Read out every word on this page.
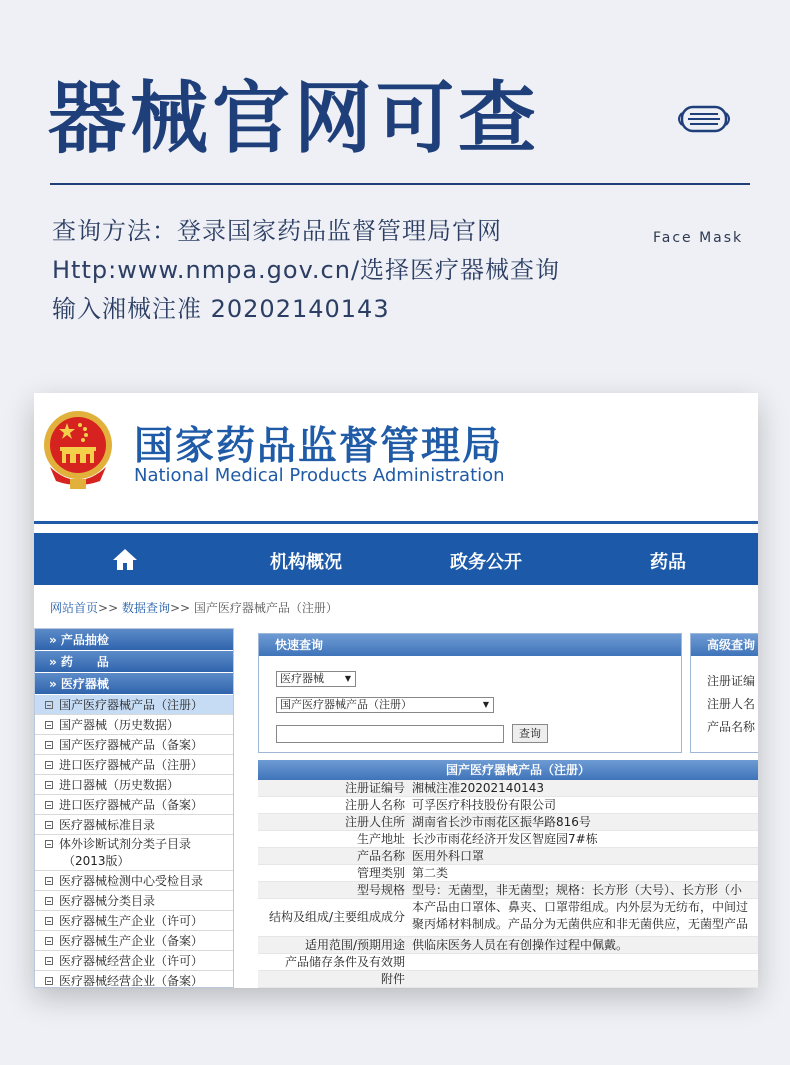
器械官网可查
Face Mask
查询方法：登录国家药品监督管理局官网
Http:www.nmpa.gov.cn/选择医疗器械查询
输入湘械注准 20202140143
国家药品监督管理局
National Medical Products Administration
机构概况	政务公开	药品
网站首页>> 数据查询>> 国产医疗器械产品（注册）
» 产品抽检
» 药　　品
» 医疗器械
国产医疗器械产品（注册）
国产器械（历史数据）
国产医疗器械产品（备案）
进口医疗器械产品（注册）
进口器械（历史数据）
进口医疗器械产品（备案）
医疗器械标准目录
体外诊断试剂分类子目录（2013版）
医疗器械检测中心受检目录
医疗器械分类目录
医疗器械生产企业（许可）
医疗器械生产企业（备案）
医疗器械经营企业（许可）
医疗器械经营企业（备案）
快速查询
医疗器械	▼
国产医疗器械产品（注册）	▼
查询
高级查询
注册证编
注册人名
产品名称
国产医疗器械产品（注册）
注册证编号 湘械注准20202140143
注册人名称 可孚医疗科技股份有限公司
注册人住所 湖南省长沙市雨花区振华路816号
生产地址 长沙市雨花经济开发区智庭园7#栋
产品名称 医用外科口罩
管理类别 第二类
型号规格 型号：无菌型，非无菌型；规格：长方形（大号）、长方形（小
结构及组成/主要组成成分
本产品由口罩体、鼻夹、口罩带组成。内外层为无纺布，中间过
聚丙烯材料制成。产品分为无菌供应和非无菌供应，无菌型产品
适用范围/预期用途 供临床医务人员在有创操作过程中佩戴。
产品储存条件及有效期
附件
